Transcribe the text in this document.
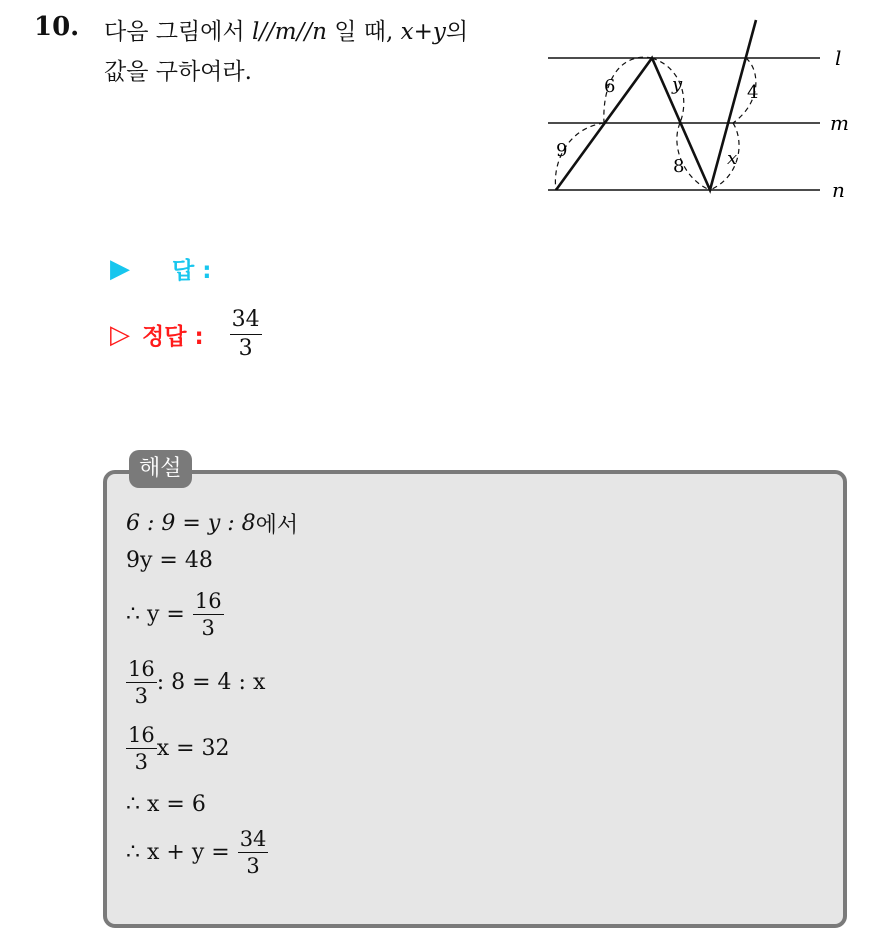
10. 다음 그림에서 l//m//n 일 때, x+y의
값을 구하여라.
l
m
n
6
9
y
8
4
x
▶	답 :
▷ 정답 : $\frac{34}{3}$
해설
6 : 9 = y : 8 에서
9y = 48
∴ $y = \frac{16}{3}$
$\frac{16}{3}$ : 8 = 4 : x
$\frac{16}{3}$ x = 32
∴ x = 6
∴ $x + y = \frac{34}{3}$
